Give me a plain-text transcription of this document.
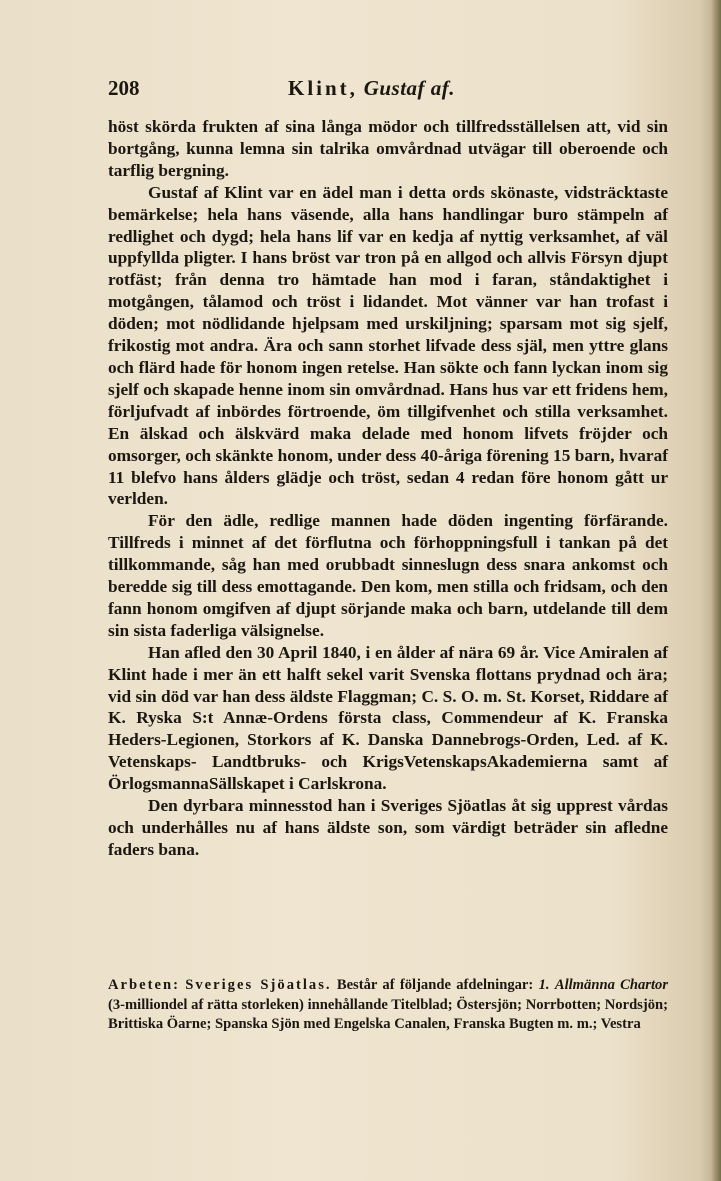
208	Klint, Gustaf af.

höst skörda frukten af sina långa mödor och tillfredsställelsen att, vid sin bortgång, kunna lemna sin talrika omvårdnad utvägar till oberoende och tarflig bergning.

Gustaf af Klint var en ädel man i detta ords skönaste, vidsträcktaste bemärkelse; hela hans väsende, alla hans handlingar buro stämpeln af redlighet och dygd; hela hans lif var en kedja af nyttig verksamhet, af väl uppfyllda pligter. I hans bröst var tron på en allgod och allvis Försyn djupt rotfäst; från denna tro hämtade han mod i faran, ståndaktighet i motgången, tålamod och tröst i lidandet. Mot vänner var han trofast i döden; mot nödlidande hjelpsam med urskiljning; sparsam mot sig sjelf, frikostig mot andra. Ära och sann storhet lifvade dess själ, men yttre glans och flärd hade för honom ingen retelse. Han sökte och fann lyckan inom sig sjelf och skapade henne inom sin omvårdnad. Hans hus var ett fridens hem, förljufvadt af inbördes förtroende, öm tillgifvenhet och stilla verksamhet. En älskad och älskvärd maka delade med honom lifvets fröjder och omsorger, och skänkte honom, under dess 40-åriga förening 15 barn, hvaraf 11 blefvo hans ålders glädje och tröst, sedan 4 redan före honom gått ur verlden.

För den ädle, redlige mannen hade döden ingenting förfärande. Tillfreds i minnet af det förflutna och förhoppningsfull i tankan på det tillkommande, såg han med orubbadt sinneslugn dess snara ankomst och beredde sig till dess emottagande. Den kom, men stilla och fridsam, och den fann honom omgifven af djupt sörjande maka och barn, utdelande till dem sin sista faderliga välsignelse.

Han afled den 30 April 1840, i en ålder af nära 69 år. Vice Amiralen af Klint hade i mer än ett halft sekel varit Svenska flottans prydnad och ära; vid sin död var han dess äldste Flaggman; C. S. O. m. St. Korset, Riddare af K. Ryska S:t Annæ-Ordens första class, Commendeur af K. Franska Heders-Legionen, Storkors af K. Danska Dannebrogs-Orden, Led. af K. Vetenskaps- Landtbruks- och KrigsVetenskapsAkademierna samt af ÖrlogsmannaSällskapet i Carlskrona.

Den dyrbara minnesstod han i Sveriges Sjöatlas åt sig upprest vårdas och underhålles nu af hans äldste son, som värdigt beträder sin afledne faders bana.

Arbeten: Sveriges Sjöatlas. Består af följande afdelningar: 1. Allmänna Chartor (3-milliondel af rätta storleken) innehållande Titelblad; Östersjön; Norrbotten; Nordsjön; Brittiska Öarne; Spanska Sjön med Engelska Canalen, Franska Bugten m. m.; Vestra
